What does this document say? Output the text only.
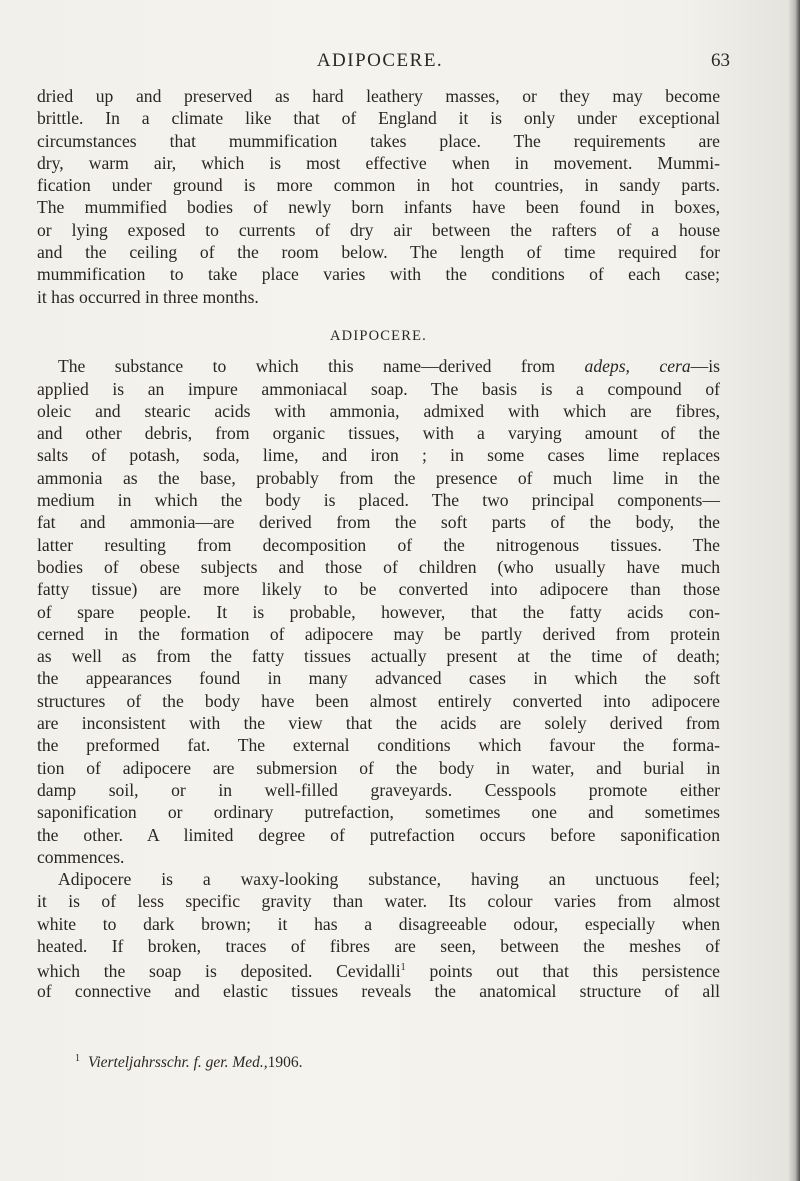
ADIPOCERE.	63
dried up and preserved as hard leathery masses, or they may become
brittle. In a climate like that of England it is only under exceptional
circumstances that mummification takes place. The requirements are
dry, warm air, which is most effective when in movement. Mummi-
fication under ground is more common in hot countries, in sandy parts.
The mummified bodies of newly born infants have been found in boxes,
or lying exposed to currents of dry air between the rafters of a house
and the ceiling of the room below. The length of time required for
mummification to take place varies with the conditions of each case;
it has occurred in three months.
ADIPOCERE.
The substance to which this name—derived from adeps, cera—is
applied is an impure ammoniacal soap. The basis is a compound of
oleic and stearic acids with ammonia, admixed with which are fibres,
and other debris, from organic tissues, with a varying amount of the
salts of potash, soda, lime, and iron ; in some cases lime replaces
ammonia as the base, probably from the presence of much lime in the
medium in which the body is placed. The two principal components—
fat and ammonia—are derived from the soft parts of the body, the
latter resulting from decomposition of the nitrogenous tissues. The
bodies of obese subjects and those of children (who usually have much
fatty tissue) are more likely to be converted into adipocere than those
of spare people. It is probable, however, that the fatty acids con-
cerned in the formation of adipocere may be partly derived from protein
as well as from the fatty tissues actually present at the time of death;
the appearances found in many advanced cases in which the soft
structures of the body have been almost entirely converted into adipocere
are inconsistent with the view that the acids are solely derived from
the preformed fat. The external conditions which favour the forma-
tion of adipocere are submersion of the body in water, and burial in
damp soil, or in well-filled graveyards. Cesspools promote either
saponification or ordinary putrefaction, sometimes one and sometimes
the other. A limited degree of putrefaction occurs before saponification
commences.
Adipocere is a waxy-looking substance, having an unctuous feel;
it is of less specific gravity than water. Its colour varies from almost
white to dark brown; it has a disagreeable odour, especially when
heated. If broken, traces of fibres are seen, between the meshes of
which the soap is deposited. Cevidalli$^1$ points out that this persistence
of connective and elastic tissues reveals the anatomical structure of all
$^1$ Vierteljahrsschr. f. ger. Med.,1906.
